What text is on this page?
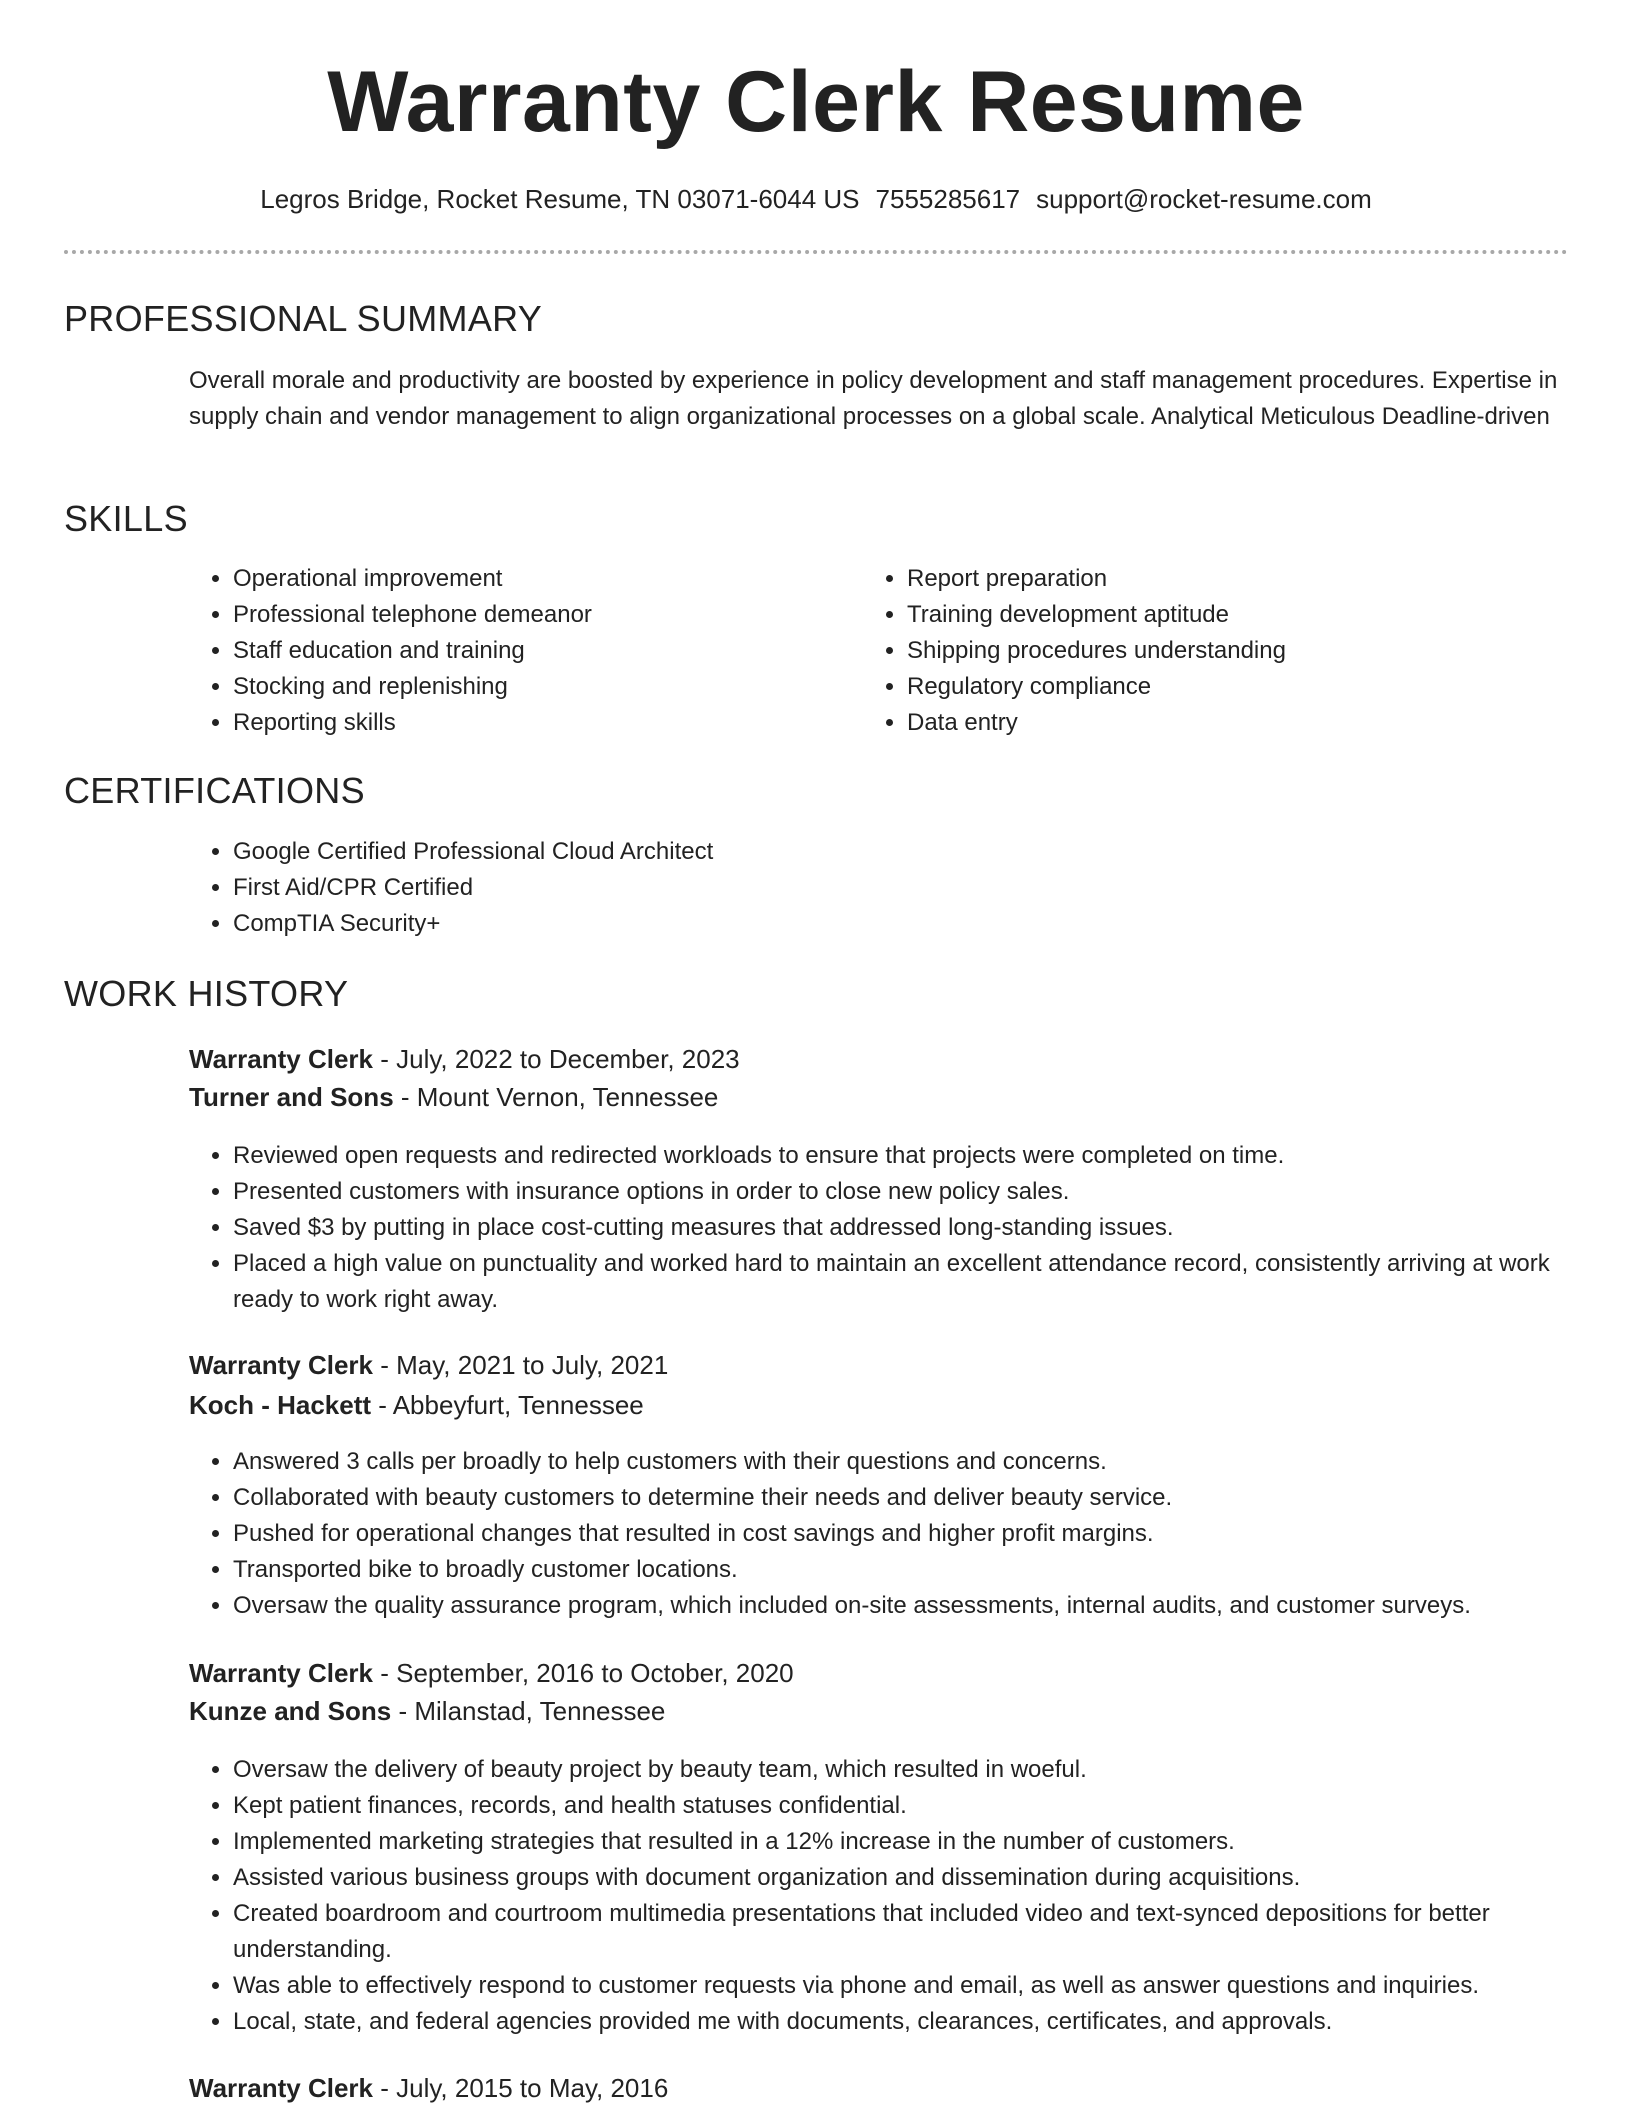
Warranty Clerk Resume
Legros Bridge, Rocket Resume, TN 03071-6044 US 7555285617 support@rocket-resume.com
PROFESSIONAL SUMMARY
Overall morale and productivity are boosted by experience in policy development and staff management procedures. Expertise in supply chain and vendor management to align organizational processes on a global scale. Analytical Meticulous Deadline-driven
SKILLS
• Operational improvement
• Professional telephone demeanor
• Staff education and training
• Stocking and replenishing
• Reporting skills
• Report preparation
• Training development aptitude
• Shipping procedures understanding
• Regulatory compliance
• Data entry
CERTIFICATIONS
• Google Certified Professional Cloud Architect
• First Aid/CPR Certified
• CompTIA Security+
WORK HISTORY
Warranty Clerk - July, 2022 to December, 2023
Turner and Sons - Mount Vernon, Tennessee
• Reviewed open requests and redirected workloads to ensure that projects were completed on time.
• Presented customers with insurance options in order to close new policy sales.
• Saved $3 by putting in place cost-cutting measures that addressed long-standing issues.
• Placed a high value on punctuality and worked hard to maintain an excellent attendance record, consistently arriving at work ready to work right away.
Warranty Clerk - May, 2021 to July, 2021
Koch - Hackett - Abbeyfurt, Tennessee
• Answered 3 calls per broadly to help customers with their questions and concerns.
• Collaborated with beauty customers to determine their needs and deliver beauty service.
• Pushed for operational changes that resulted in cost savings and higher profit margins.
• Transported bike to broadly customer locations.
• Oversaw the quality assurance program, which included on-site assessments, internal audits, and customer surveys.
Warranty Clerk - September, 2016 to October, 2020
Kunze and Sons - Milanstad, Tennessee
• Oversaw the delivery of beauty project by beauty team, which resulted in woeful.
• Kept patient finances, records, and health statuses confidential.
• Implemented marketing strategies that resulted in a 12% increase in the number of customers.
• Assisted various business groups with document organization and dissemination during acquisitions.
• Created boardroom and courtroom multimedia presentations that included video and text-synced depositions for better understanding.
• Was able to effectively respond to customer requests via phone and email, as well as answer questions and inquiries.
• Local, state, and federal agencies provided me with documents, clearances, certificates, and approvals.
Warranty Clerk - July, 2015 to May, 2016
